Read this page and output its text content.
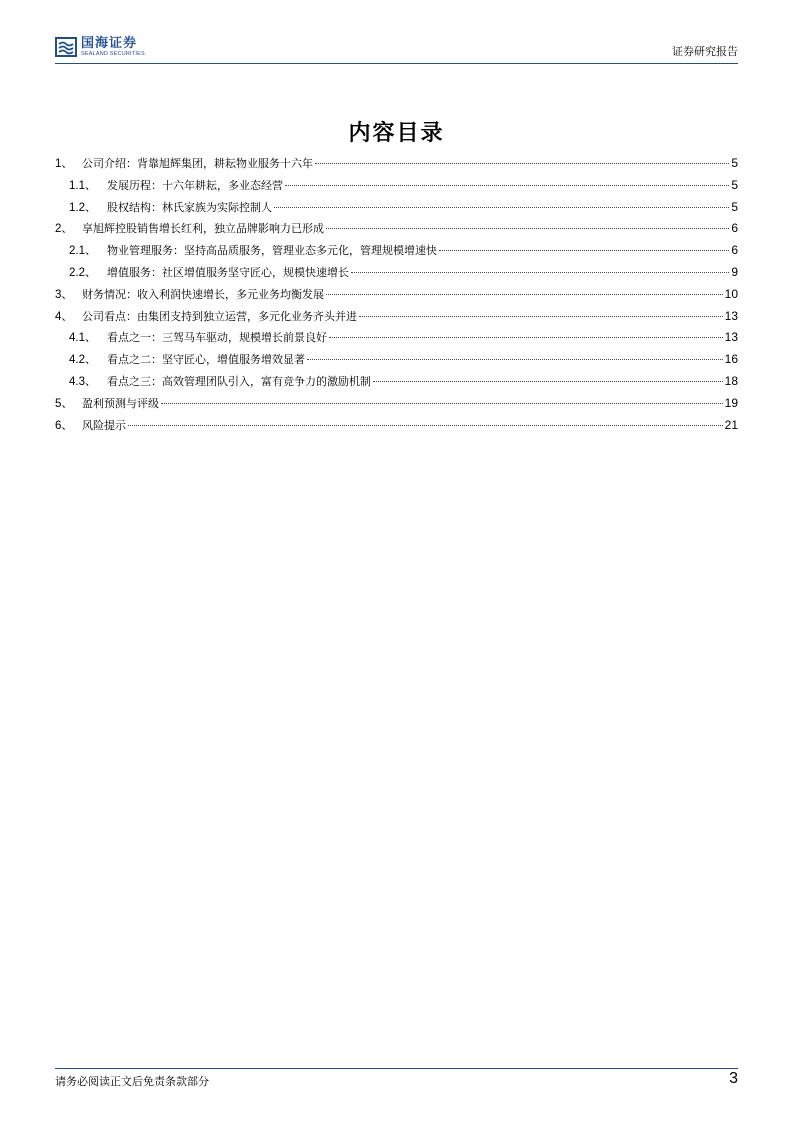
国海证券
SEALAND SECURITIES	证券研究报告
内容目录
1、 公司介绍：背靠旭辉集团，耕耘物业服务十六年	5
1.1、 发展历程：十六年耕耘，多业态经营	5
1.2、 股权结构：林氏家族为实际控制人	5
2、 享旭辉控股销售增长红利，独立品牌影响力已形成	6
2.1、 物业管理服务：坚持高品质服务，管理业态多元化，管理规模增速快	6
2.2、 增值服务：社区增值服务坚守匠心，规模快速增长	9
3、 财务情况：收入利润快速增长，多元业务均衡发展	10
4、 公司看点：由集团支持到独立运营，多元化业务齐头并进	13
4.1、 看点之一：三驾马车驱动，规模增长前景良好	13
4.2、 看点之二：坚守匠心，增值服务增效显著	16
4.3、 看点之三：高效管理团队引入，富有竞争力的激励机制	18
5、 盈利预测与评级	19
6、 风险提示	21
请务必阅读正文后免责条款部分	3
